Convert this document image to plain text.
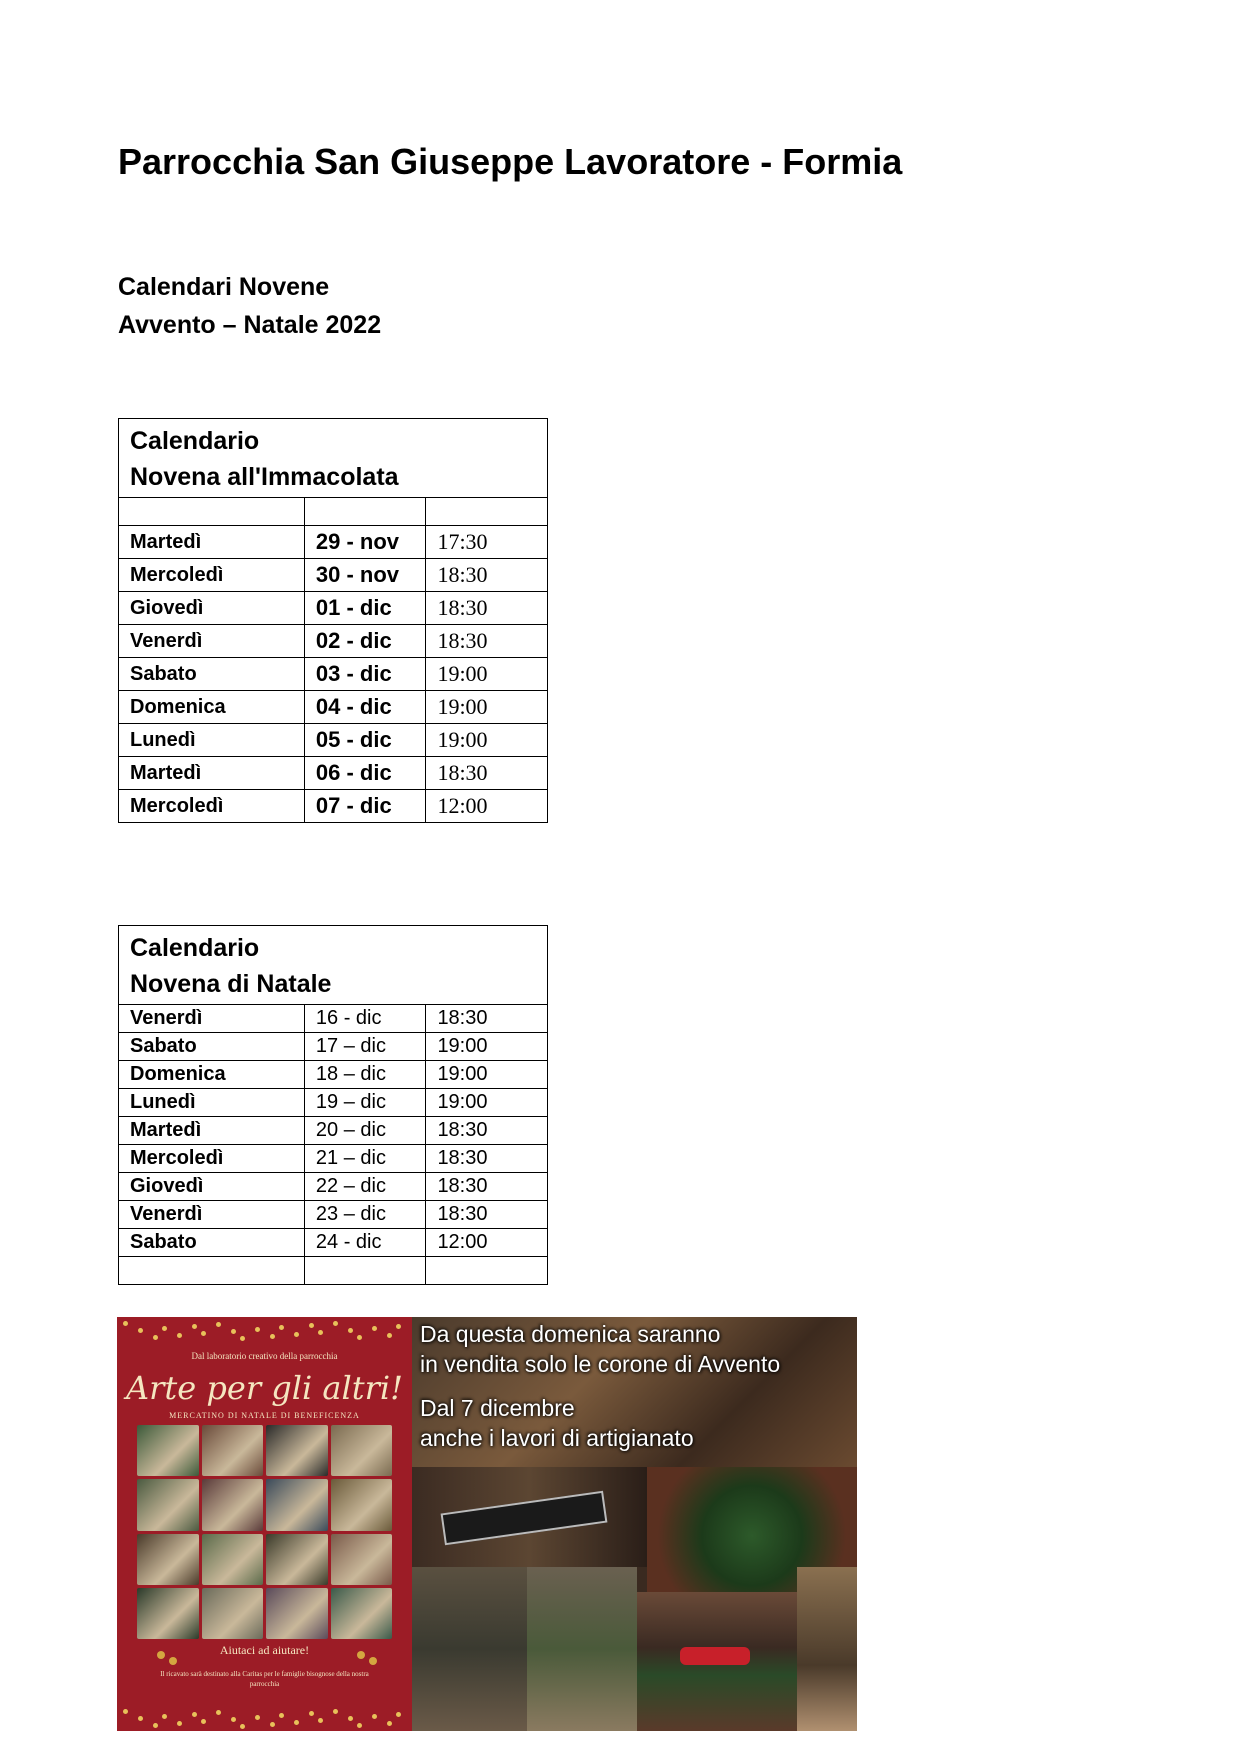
Parrocchia San Giuseppe Lavoratore - Formia
Calendari Novene
Avvento – Natale 2022
Calendario
Novena all'Immacolata		

Martedì	29 - nov	17:30
Mercoledì	30 - nov	18:30
Giovedì	01 - dic	18:30
Venerdì	02 - dic	18:30
Sabato	03 - dic	19:00
Domenica	04 - dic	19:00
Lunedì	05 - dic	19:00
Martedì	06 - dic	18:30
Mercoledì	07 - dic	12:00
Calendario
Novena di Natale		

Venerdì	16 - dic	18:30
Sabato	17 – dic	19:00
Domenica	18 – dic	19:00
Lunedì	19 – dic	19:00
Martedì	20 – dic	18:30
Mercoledì	21 – dic	18:30
Giovedì	22 – dic	18:30
Venerdì	23 – dic	18:30
Sabato	24 - dic	12:00

Dal laboratorio creativo della parrocchia
Arte per gli altri!
MERCATINO DI NATALE DI BENEFICENZA
Aiutaci ad aiutare!
Il ricavato sarà destinato alla Caritas per le famiglie bisognose della nostra parrocchia
Da questa domenica saranno
in vendita solo le corone di Avvento
Dal 7 dicembre
anche i lavori di artigianato
